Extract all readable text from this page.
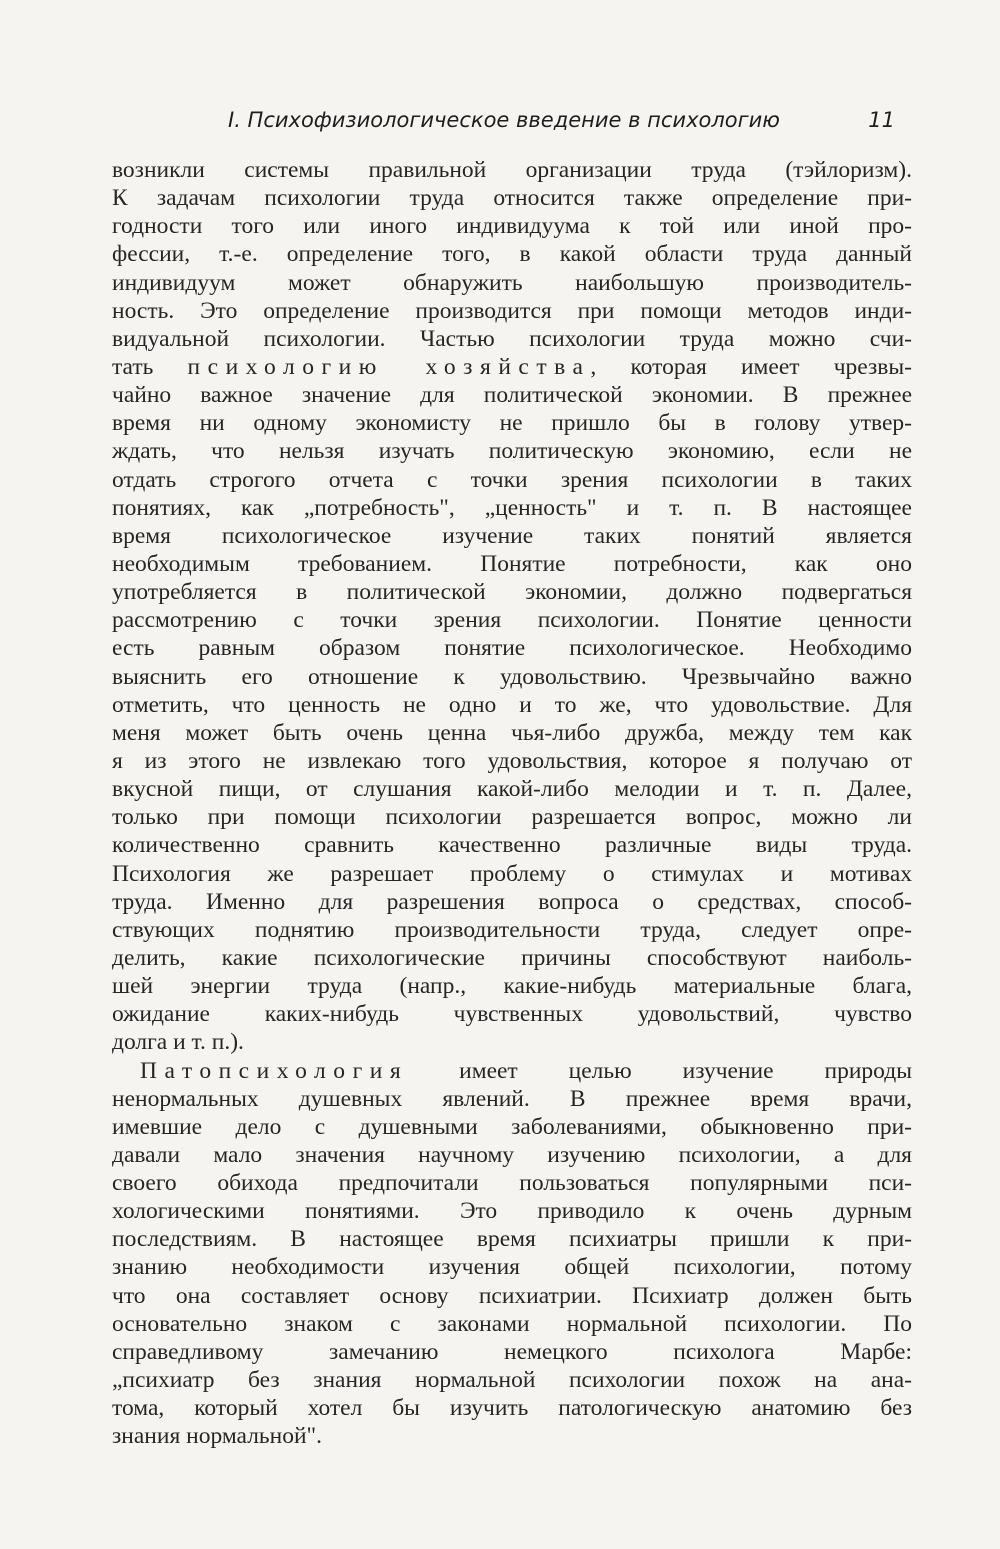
I. Психофизиологическое введение в психологию	11
возникли системы правильной организации труда (тэйлоризм).
К задачам психологии труда относится также определение при-
годности того или иного индивидуума к той или иной про-
фессии, т.-е. определение того, в какой области труда данный
индивидуум может обнаружить наибольшую производитель-
ность. Это определение производится при помощи методов инди-
видуальной психологии. Частью психологии труда можно счи-
тать психологию хозяйства, которая имеет чрезвы-
чайно важное значение для политической экономии. В прежнее
время ни одному экономисту не пришло бы в голову утвер-
ждать, что нельзя изучать политическую экономию, если не
отдать строгого отчета с точки зрения психологии в таких
понятиях, как „потребность", „ценность" и т. п. В настоящее
время психологическое изучение таких понятий является
необходимым требованием. Понятие потребности, как оно
употребляется в политической экономии, должно подвергаться
рассмотрению с точки зрения психологии. Понятие ценности
есть равным образом понятие психологическое. Необходимо
выяснить его отношение к удовольствию. Чрезвычайно важно
отметить, что ценность не одно и то же, что удовольствие. Для
меня может быть очень ценна чья-либо дружба, между тем как
я из этого не извлекаю того удовольствия, которое я получаю от
вкусной пищи, от слушания какой-либо мелодии и т. п. Далее,
только при помощи психологии разрешается вопрос, можно ли
количественно сравнить качественно различные виды труда.
Психология же разрешает проблему о стимулах и мотивах
труда. Именно для разрешения вопроса о средствах, способ-
ствующих поднятию производительности труда, следует опре-
делить, какие психологические причины способствуют наиболь-
шей энергии труда (напр., какие-нибудь материальные блага,
ожидание каких-нибудь чувственных удовольствий, чувство
долга и т. п.).
Патопсихология имеет целью изучение природы
ненормальных душевных явлений. В прежнее время врачи,
имевшие дело с душевными заболеваниями, обыкновенно при-
давали мало значения научному изучению психологии, а для
своего обихода предпочитали пользоваться популярными пси-
хологическими понятиями. Это приводило к очень дурным
последствиям. В настоящее время психиатры пришли к при-
знанию необходимости изучения общей психологии, потому
что она составляет основу психиатрии. Психиатр должен быть
основательно знаком с законами нормальной психологии. По
справедливому замечанию немецкого психолога Марбе:
„психиатр без знания нормальной психологии похож на ана-
тома, который хотел бы изучить патологическую анатомию без
знания нормальной".
